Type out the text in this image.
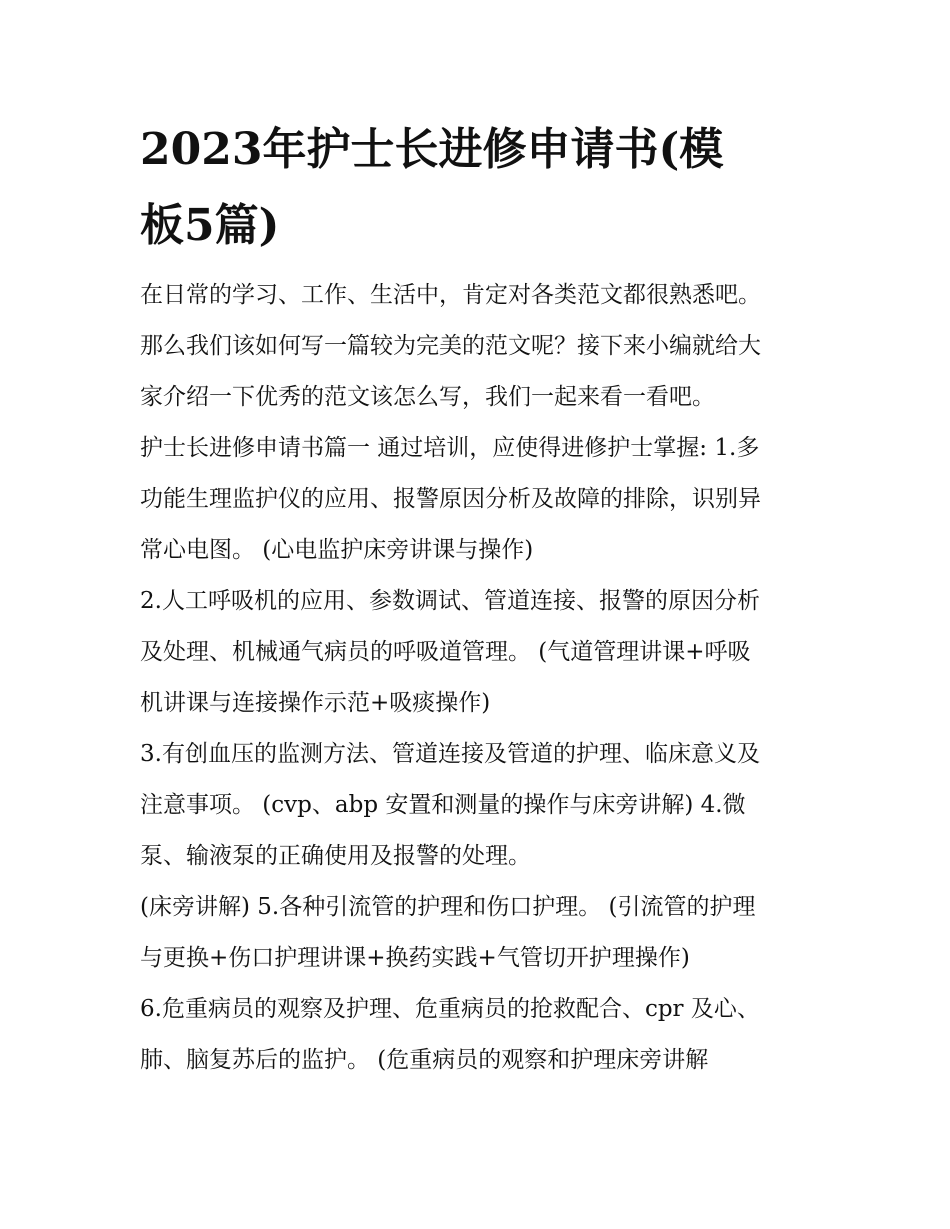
2023年护士长进修申请书(模
板5篇)
在日常的学习、工作、生活中，肯定对各类范文都很熟悉吧。
那么我们该如何写一篇较为完美的范文呢？接下来小编就给大
家介绍一下优秀的范文该怎么写，我们一起来看一看吧。
护士长进修申请书篇一 通过培训，应使得进修护士掌握: 1.多
功能生理监护仪的应用、报警原因分析及故障的排除，识别异
常心电图。 (心电监护床旁讲课与操作)
2.人工呼吸机的应用、参数调试、管道连接、报警的原因分析
及处理、机械通气病员的呼吸道管理。 (气道管理讲课+呼吸
机讲课与连接操作示范+吸痰操作)
3.有创血压的监测方法、管道连接及管道的护理、临床意义及
注意事项。 (cvp、abp 安置和测量的操作与床旁讲解) 4.微
泵、输液泵的正确使用及报警的处理。
(床旁讲解) 5.各种引流管的护理和伤口护理。 (引流管的护理
与更换+伤口护理讲课+换药实践+气管切开护理操作)
6.危重病员的观察及护理、危重病员的抢救配合、cpr 及心、
肺、脑复苏后的监护。 (危重病员的观察和护理床旁讲解
